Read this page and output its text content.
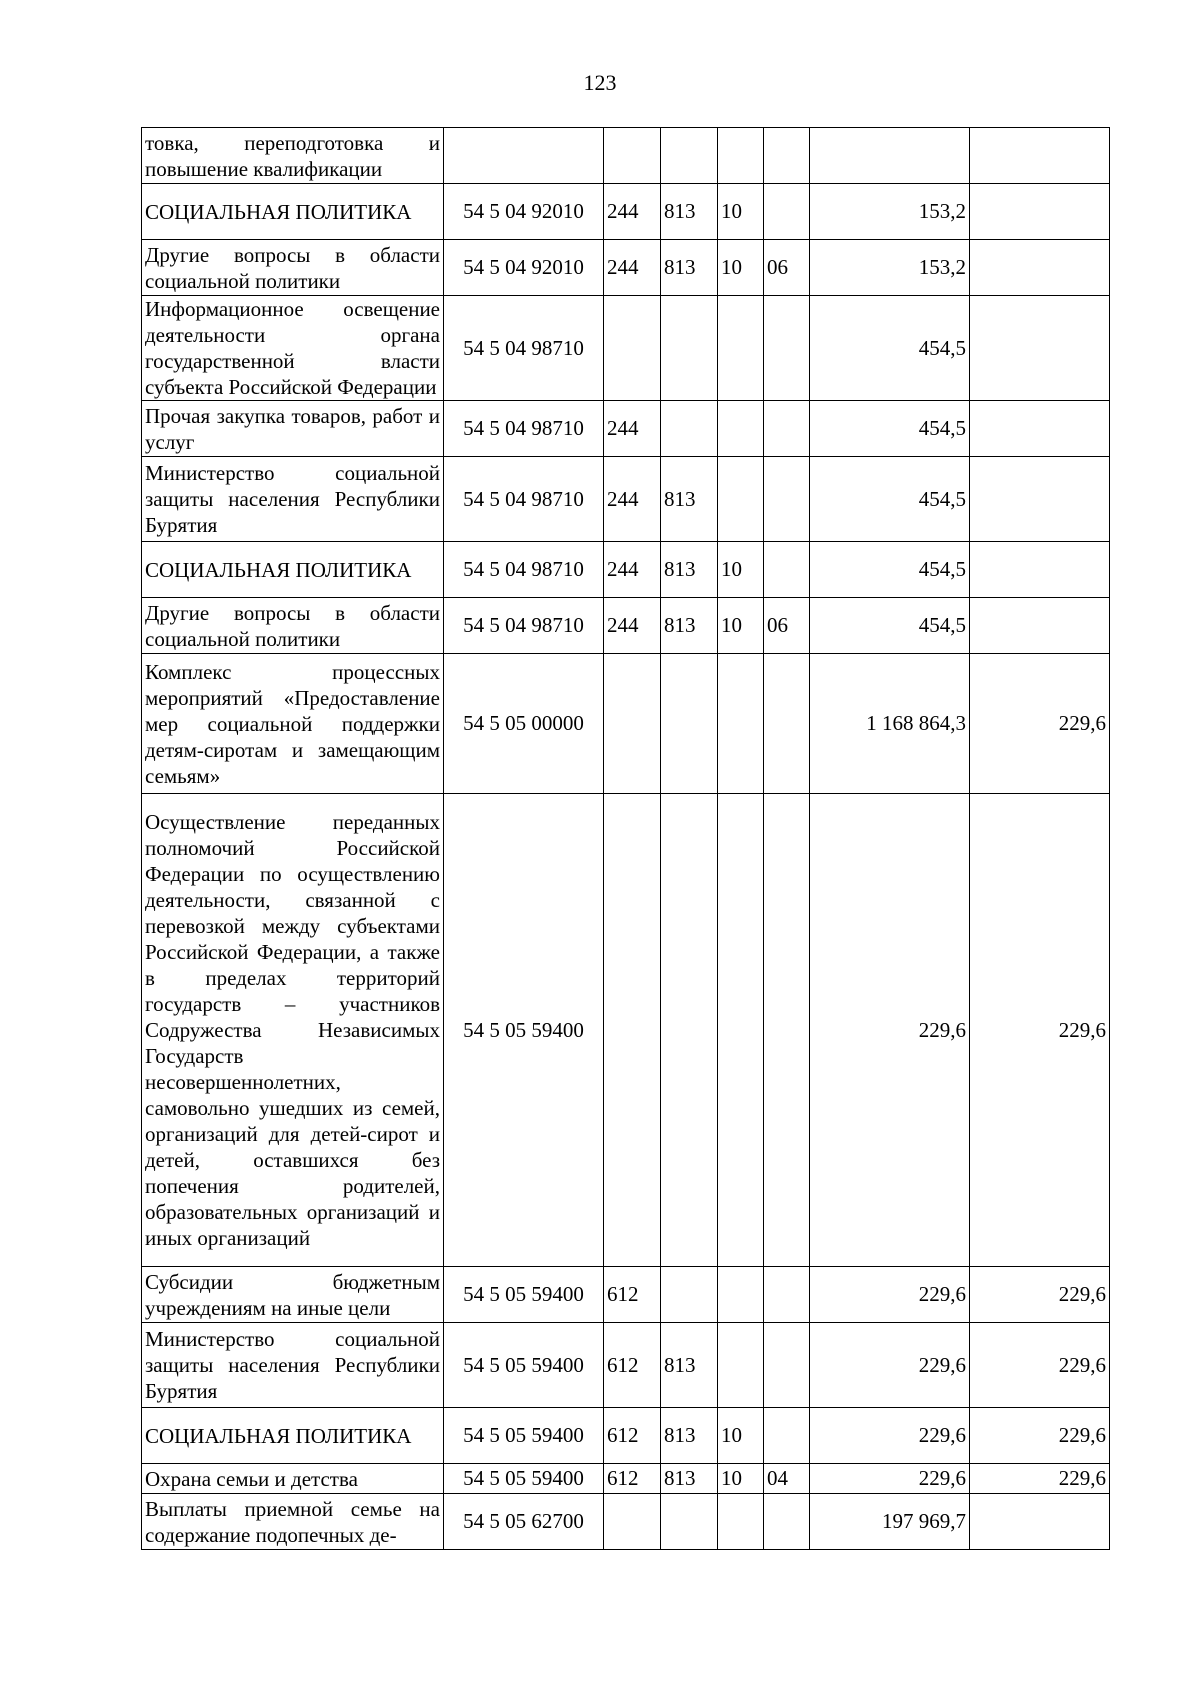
123
товка, переподготовка и повышение квалификации							
СОЦИАЛЬНАЯ ПОЛИТИКА	54 5 04 92010	244	813	10		153,2	
Другие вопросы в области социальной политики	54 5 04 92010	244	813	10	06	153,2	
Информационное освещение деятельности органа государственной власти субъекта Российской Федерации	54 5 04 98710					454,5	
Прочая закупка товаров, работ и услуг	54 5 04 98710	244				454,5	
Министерство социальной защиты населения Республики Бурятия	54 5 04 98710	244	813			454,5	
СОЦИАЛЬНАЯ ПОЛИТИКА	54 5 04 98710	244	813	10		454,5	
Другие вопросы в области социальной политики	54 5 04 98710	244	813	10	06	454,5	
Комплекс процессных мероприятий «Предоставление мер социальной поддержки детям-сиротам и замещающим семьям»	54 5 05 00000					1 168 864,3	229,6
Осуществление переданных полномочий Российской Федерации по осуществлению деятельности, связанной с перевозкой между субъектами Российской Федерации, а также в пределах территорий государств – участников Содружества Независимых Государств несовершеннолетних, самовольно ушедших из семей, организаций для детей-сирот и детей, оставшихся без попечения родителей, образовательных организаций и иных организаций	54 5 05 59400					229,6	229,6
Субсидии бюджетным учреждениям на иные цели	54 5 05 59400	612				229,6	229,6
Министерство социальной защиты населения Республики Бурятия	54 5 05 59400	612	813			229,6	229,6
СОЦИАЛЬНАЯ ПОЛИТИКА	54 5 05 59400	612	813	10		229,6	229,6
Охрана семьи и детства	54 5 05 59400	612	813	10	04	229,6	229,6
Выплаты приемной семье на содержание подопечных де-	54 5 05 62700					197 969,7	
